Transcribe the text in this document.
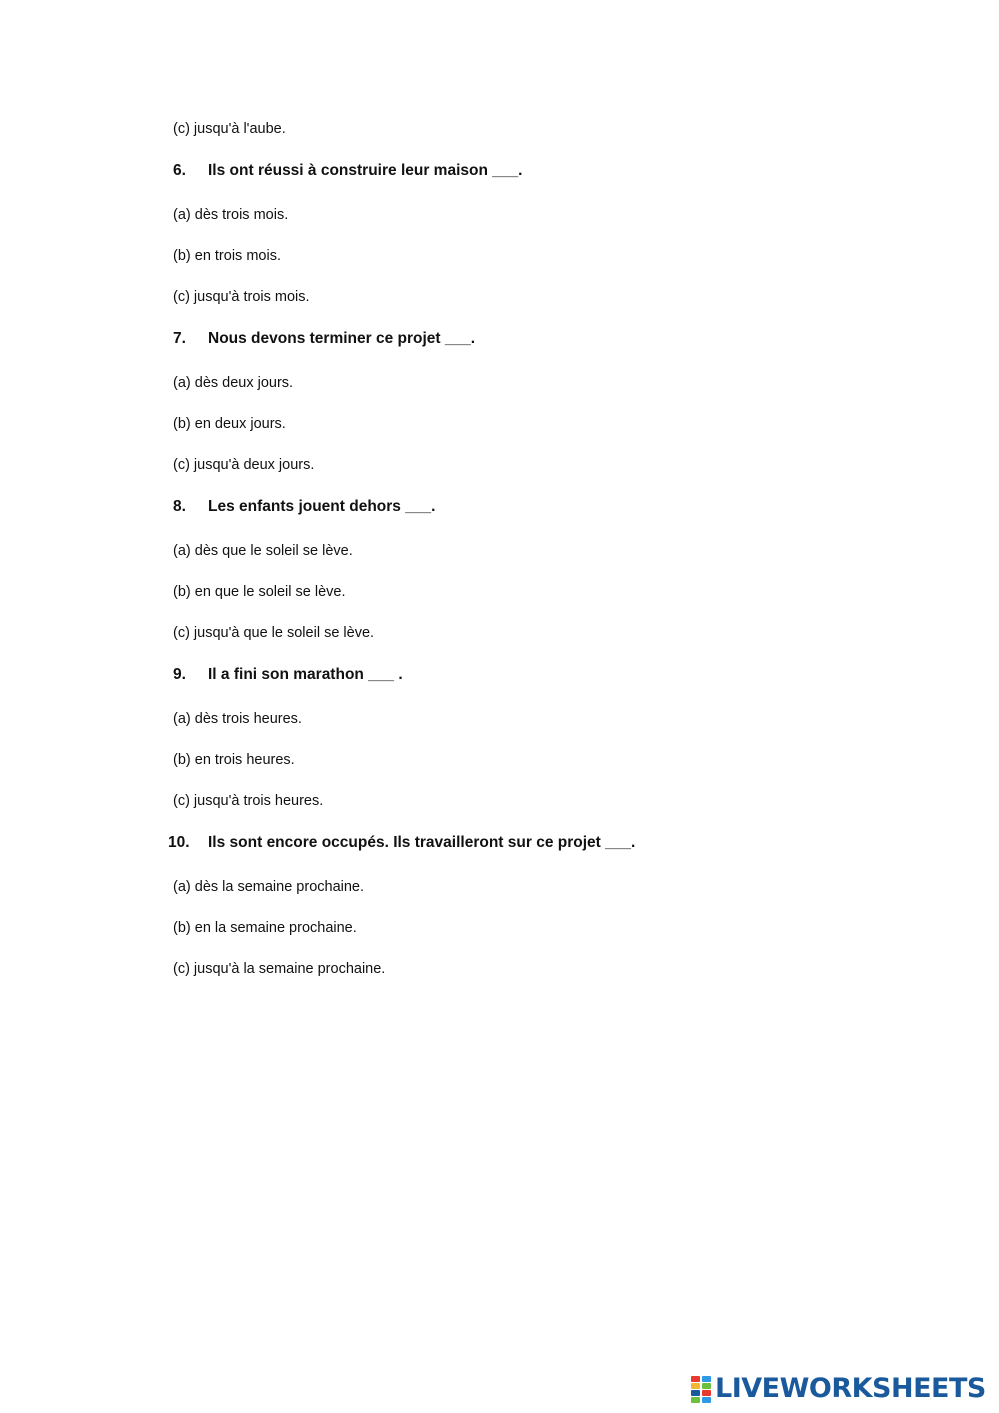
(c) jusqu'à l'aube.
6. Ils ont réussi à construire leur maison ___.
(a) dès trois mois.
(b) en trois mois.
(c) jusqu'à trois mois.
7. Nous devons terminer ce projet ___.
(a) dès deux jours.
(b) en deux jours.
(c) jusqu'à deux jours.
8. Les enfants jouent dehors ___.
(a) dès que le soleil se lève.
(b) en que le soleil se lève.
(c) jusqu'à que le soleil se lève.
9. Il a fini son marathon ___ .
(a) dès trois heures.
(b) en trois heures.
(c) jusqu'à trois heures.
10. Ils sont encore occupés. Ils travailleront sur ce projet ___.
(a) dès la semaine prochaine.
(b) en la semaine prochaine.
(c) jusqu'à la semaine prochaine.
LIVEWORKSHEETS
